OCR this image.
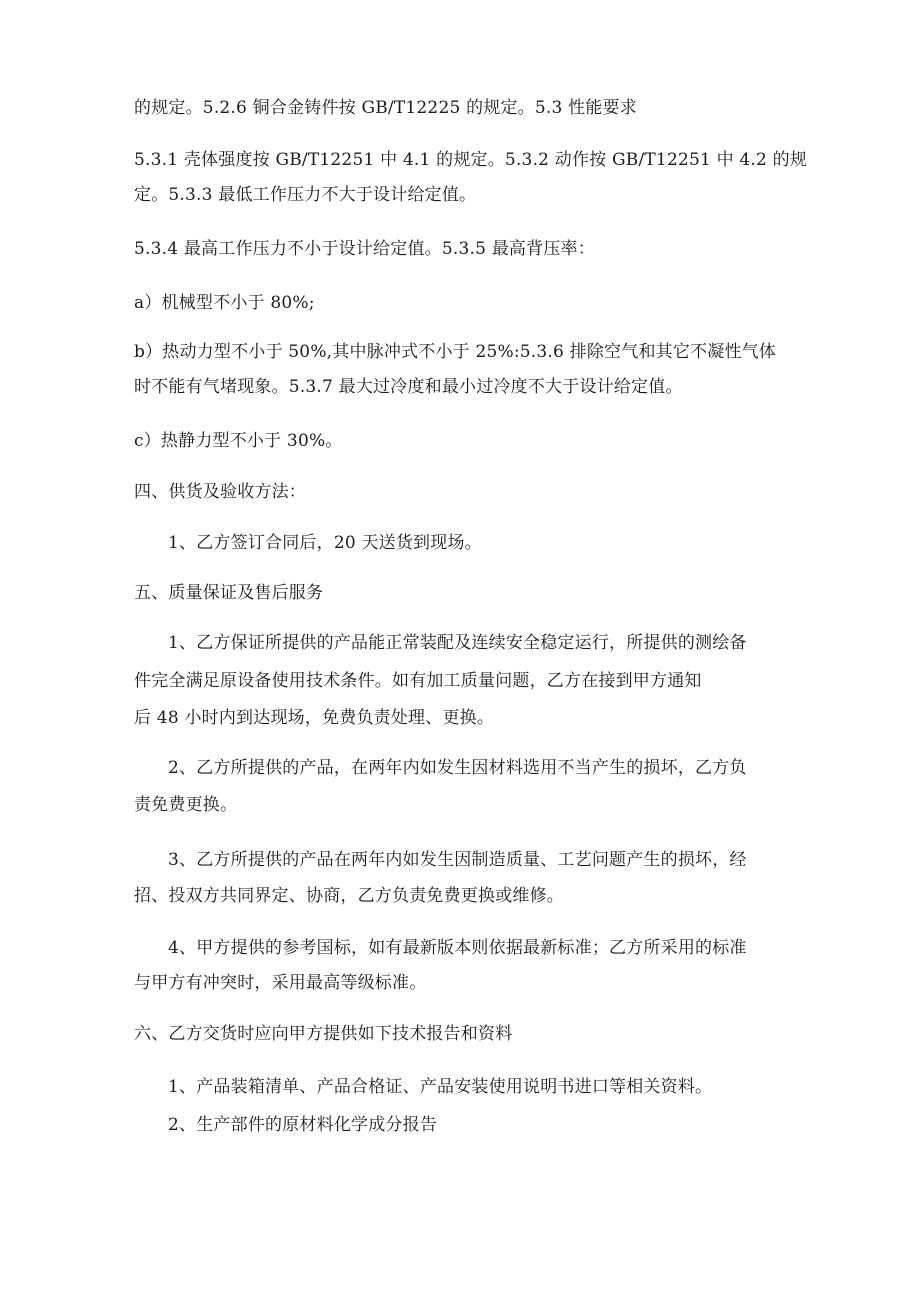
的规定。5.2.6 铜合金铸件按 GB/T12225 的规定。5.3 性能要求
5.3.1 壳体强度按 GB/T12251 中 4.1 的规定。5.3.2 动作按 GB/T12251 中 4.2 的规
定。5.3.3 最低工作压力不大于设计给定值。
5.3.4 最高工作压力不小于设计给定值。5.3.5 最高背压率：
a）机械型不小于 80%;
b）热动力型不小于 50%,其中脉冲式不小于 25%:5.3.6 排除空气和其它不凝性气体
时不能有气堵现象。5.3.7 最大过冷度和最小过冷度不大于设计给定值。
c）热静力型不小于 30%。
四、供货及验收方法：
1、乙方签订合同后，20 天送货到现场。
五、质量保证及售后服务
1、乙方保证所提供的产品能正常装配及连续安全稳定运行，所提供的测绘备
件完全满足原设备使用技术条件。如有加工质量问题，乙方在接到甲方通知
后 48 小时内到达现场，免费负责处理、更换。
2、乙方所提供的产品，在两年内如发生因材料选用不当产生的损坏，乙方负
责免费更换。
3、乙方所提供的产品在两年内如发生因制造质量、工艺问题产生的损坏，经
招、投双方共同界定、协商，乙方负责免费更换或维修。
4、甲方提供的参考国标，如有最新版本则依据最新标准；乙方所采用的标准
与甲方有冲突时，采用最高等级标准。
六、乙方交货时应向甲方提供如下技术报告和资料
1、产品装箱清单、产品合格证、产品安装使用说明书进口等相关资料。
2、生产部件的原材料化学成分报告
